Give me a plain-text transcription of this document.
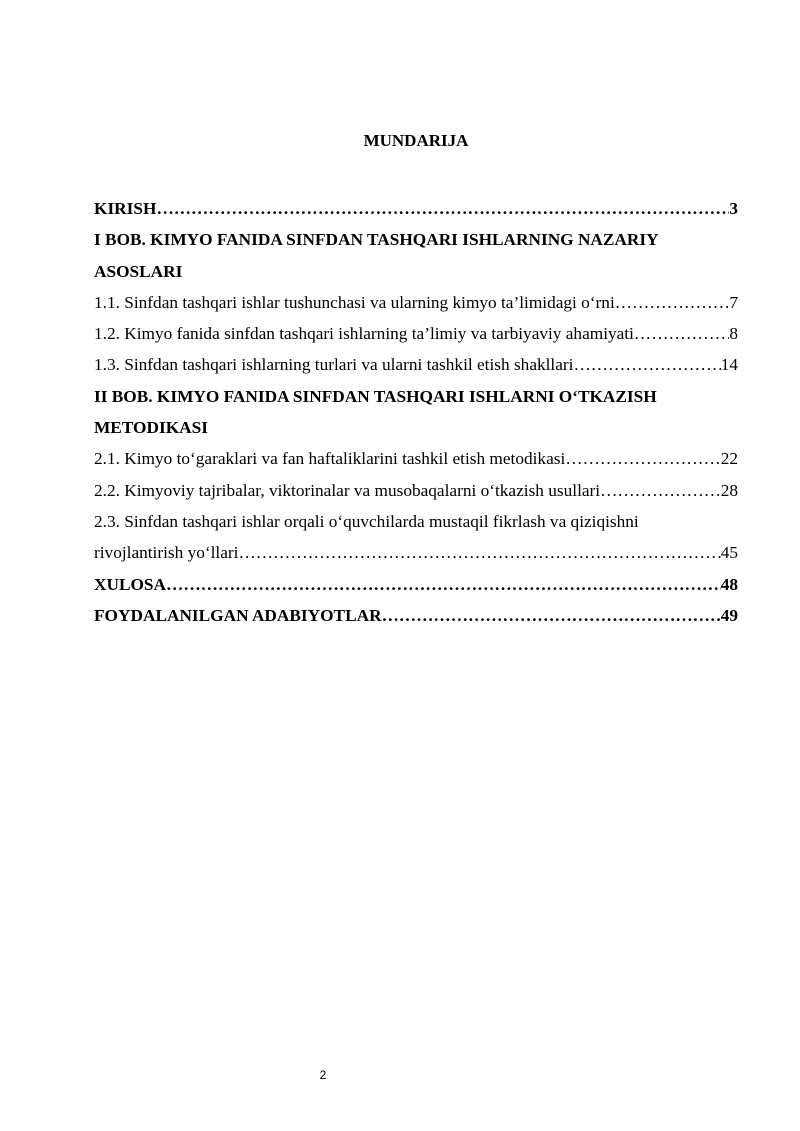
MUNDARIJA
KIRISH ………………………………………………………………………………………………………………………………………………………………………………	3
I BOB. KIMYO FANIDA SINFDAN TASHQARI ISHLARNING NAZARIY
ASOSLARI
1.1. Sinfdan tashqari ishlar tushunchasi va ularning kimyo ta’limidagi o‘rni ………………………………………………………………………………………………………………………………………………………………………………	7
1.2. Kimyo fanida sinfdan tashqari ishlarning ta’limiy va tarbiyaviy ahamiyati ………………………………………………………………………………………………………………………………………………………………………………	8
1.3. Sinfdan tashqari ishlarning turlari va ularni tashkil etish shakllari ………………………………………………………………………………………………………………………………………………………………………………	14
II BOB. KIMYO FANIDA SINFDAN TASHQARI ISHLARNI O‘TKAZISH
METODIKASI
2.1. Kimyo to‘garaklari va fan haftaliklarini tashkil etish metodikasi ………………………………………………………………………………………………………………………………………………………………………………	22
2.2. Kimyoviy tajribalar, viktorinalar va musobaqalarni o‘tkazish usullari ………………………………………………………………………………………………………………………………………………………………………………	28
2.3. Sinfdan tashqari ishlar orqali o‘quvchilarda mustaqil fikrlash va qiziqishni
rivojlantirish yo‘llari ………………………………………………………………………………………………………………………………………………………………………………	45
XULOSA ………………………………………………………………………………………………………………………………………………………………………………	48
FOYDALANILGAN ADABIYOTLAR ………………………………………………………………………………………………………………………………………………………………………………	49
2
